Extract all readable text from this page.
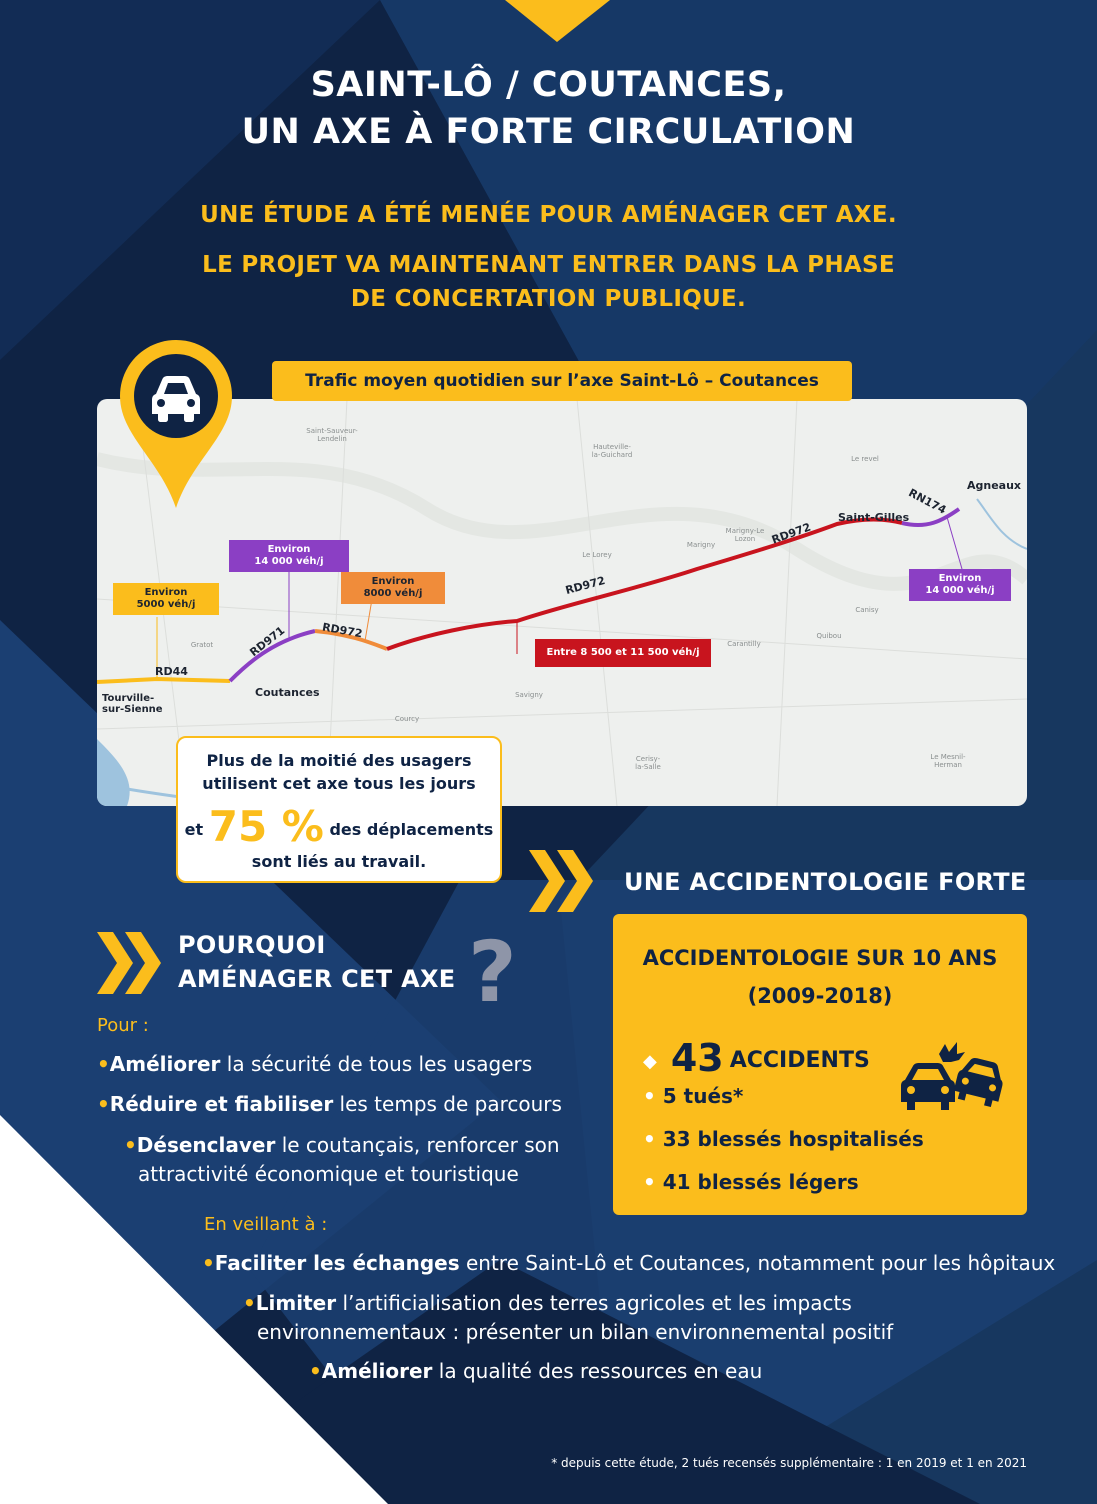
SAINT-LÔ / COUTANCES,
UN AXE À FORTE CIRCULATION
UNE ÉTUDE A ÉTÉ MENÉE POUR AMÉNAGER CET AXE.
LE PROJET VA MAINTENANT ENTRER DANS LA PHASE
DE CONCERTATION PUBLIQUE.
Saint-Sauveur-
Lendelin
Hauteville-
la-Guichard	Le revel
Marigny-Le
Lozon
Marigny
Le Lorey
Gratot
Courcy
Savigny
Cerisy-
la-Salle
Le Mesnil-
Herman
Quibou
Canisy
Carantilly
Agneaux
Saint-Gilles
Coutances
Tourville-
sur-Sienne
RN174
RD972
RD972
RD972
RD971
RD44
Environ
14 000 véh/j
Environ
5000 véh/j
Environ
8000 véh/j
Entre 8 500 et 11 500 véh/j
Environ
14 000 véh/j
Trafic moyen quotidien sur l’axe Saint-Lô – Coutances
Plus de la moitié des usagers
utilisent cet axe tous les jours
et 75 % des déplacements
sont liés au travail.
UNE ACCIDENTOLOGIE FORTE
ACCIDENTOLOGIE SUR 10 ANS
(2009-2018)
◆ 43 ACCIDENTS
• 5 tués*
• 33 blessés hospitalisés
• 41 blessés légers
POURQUOI
AMÉNAGER CET AXE ?
Pour :
•Améliorer la sécurité de tous les usagers
•Réduire et fiabiliser les temps de parcours
•Désenclaver le coutançais, renforcer son
attractivité économique et touristique
En veillant à :
•Faciliter les échanges entre Saint-Lô et Coutances, notamment pour les hôpitaux
•Limiter l’artificialisation des terres agricoles et les impacts
environnementaux : présenter un bilan environnemental positif
•Améliorer la qualité des ressources en eau
* depuis cette étude, 2 tués recensés supplémentaire : 1 en 2019 et 1 en 2021
